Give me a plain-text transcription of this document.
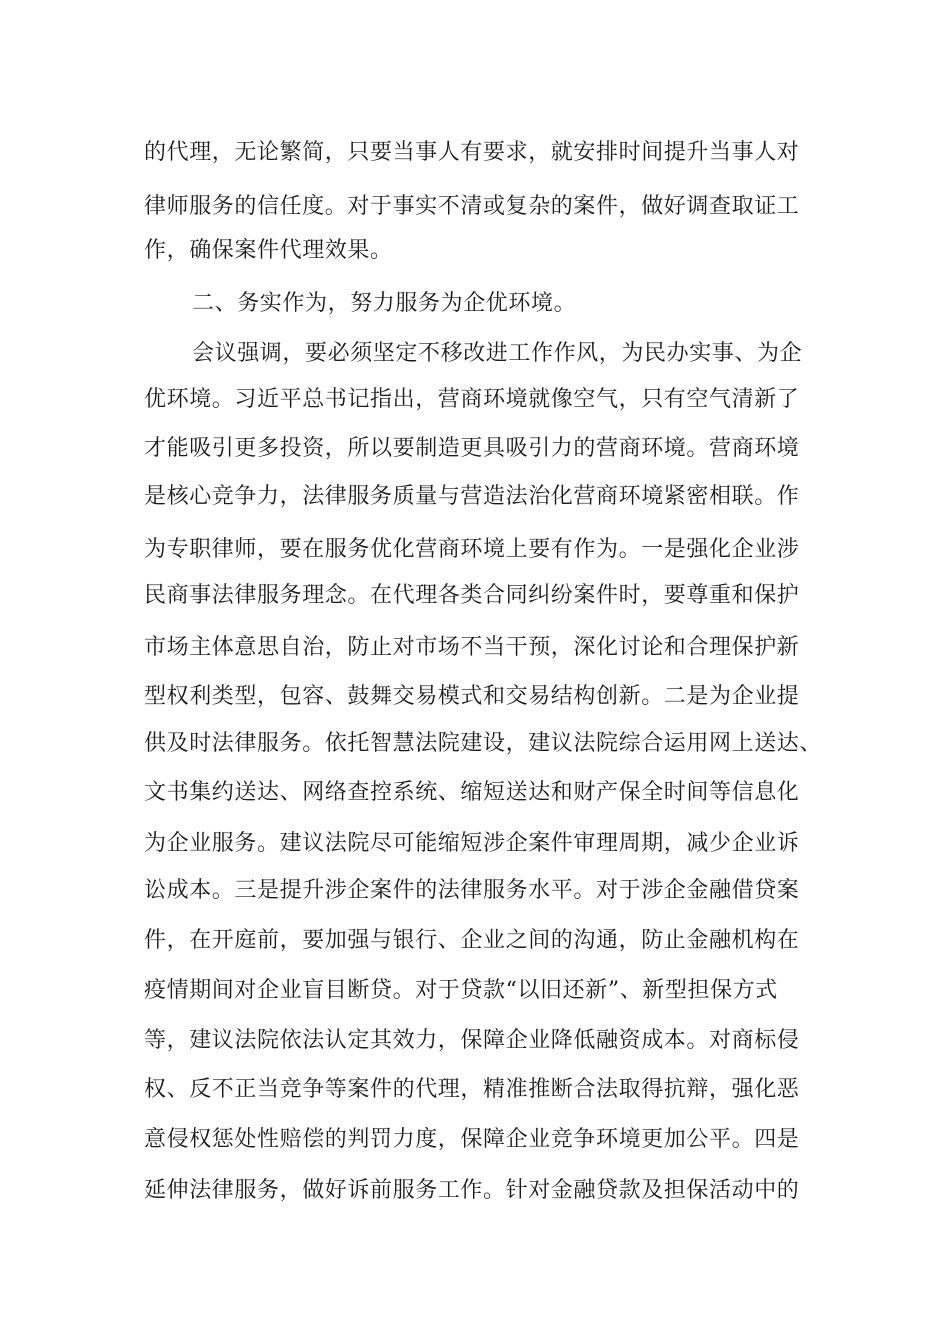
的代理，无论繁简，只要当事人有要求，就安排时间提升当事人对

律师服务的信任度。对于事实不清或复杂的案件，做好调查取证工

作，确保案件代理效果。

二、务实作为，努力服务为企优环境。

会议强调，要必须坚定不移改进工作作风，为民办实事、为企

优环境。习近平总书记指出，营商环境就像空气，只有空气清新了

才能吸引更多投资，所以要制造更具吸引力的营商环境。营商环境

是核心竞争力，法律服务质量与营造法治化营商环境紧密相联。作

为专职律师，要在服务优化营商环境上要有作为。一是强化企业涉

民商事法律服务理念。在代理各类合同纠纷案件时，要尊重和保护

市场主体意思自治，防止对市场不当干预，深化讨论和合理保护新

型权利类型，包容、鼓舞交易模式和交易结构创新。二是为企业提

供及时法律服务。依托智慧法院建设，建议法院综合运用网上送达、

文书集约送达、网络查控系统、缩短送达和财产保全时间等信息化

为企业服务。建议法院尽可能缩短涉企案件审理周期，减少企业诉

讼成本。三是提升涉企案件的法律服务水平。对于涉企金融借贷案

件，在开庭前，要加强与银行、企业之间的沟通，防止金融机构在

疫情期间对企业盲目断贷。对于贷款“以旧还新”、新型担保方式

等，建议法院依法认定其效力，保障企业降低融资成本。对商标侵

权、反不正当竞争等案件的代理，精准推断合法取得抗辩，强化恶

意侵权惩处性赔偿的判罚力度，保障企业竞争环境更加公平。四是

延伸法律服务，做好诉前服务工作。针对金融贷款及担保活动中的
